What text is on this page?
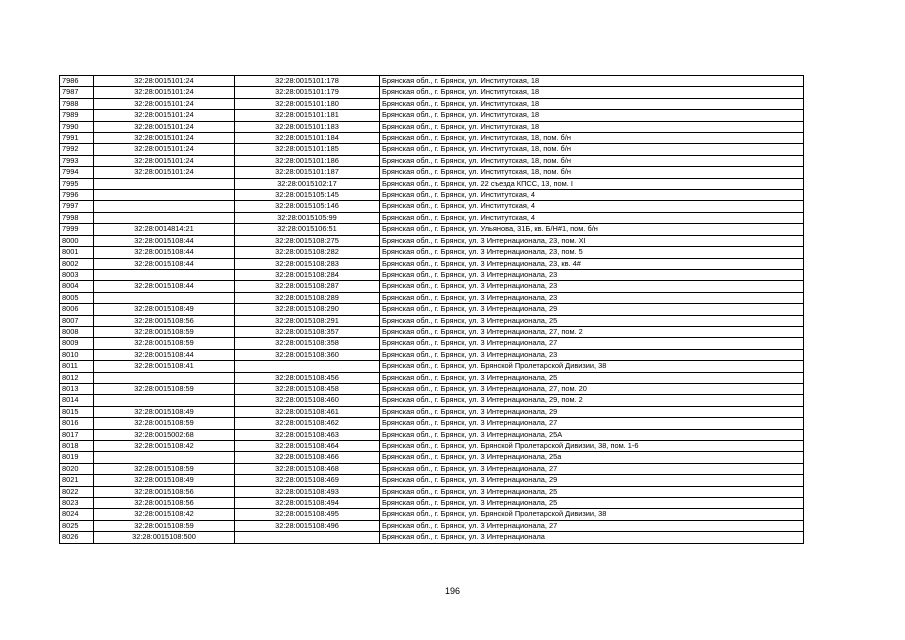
7986	32:28:0015101:24	32:28:0015101:178	Брянская обл., г. Брянск, ул. Институтская, 18
7987	32:28:0015101:24	32:28:0015101:179	Брянская обл., г. Брянск, ул. Институтская, 18
7988	32:28:0015101:24	32:28:0015101:180	Брянская обл., г. Брянск, ул. Институтская, 18
7989	32:28:0015101:24	32:28:0015101:181	Брянская обл., г. Брянск, ул. Институтская, 18
7990	32:28:0015101:24	32:28:0015101:183	Брянская обл., г. Брянск, ул. Институтская, 18
7991	32:28:0015101:24	32:28:0015101:184	Брянская обл., г. Брянск, ул. Институтская, 18, пом. б/н
7992	32:28:0015101:24	32:28:0015101:185	Брянская обл., г. Брянск, ул. Институтская, 18, пом. б/н
7993	32:28:0015101:24	32:28:0015101:186	Брянская обл., г. Брянск, ул. Институтская, 18, пом. б/н
7994	32:28:0015101:24	32:28:0015101:187	Брянская обл., г. Брянск, ул. Институтская, 18, пом. б/н
7995		32:28:0015102:17	Брянская обл., г. Брянск, ул. 22 съезда КПСС, 13, пом. I
7996		32:28:0015105:145	Брянская обл., г. Брянск, ул. Институтская, 4
7997		32:28:0015105:146	Брянская обл., г. Брянск, ул. Институтская, 4
7998		32:28:0015105:99	Брянская обл., г. Брянск, ул. Институтская, 4
7999	32:28:0014814:21	32:28:0015106:51	Брянская обл., г. Брянск, ул. Ульянова, 31Б, кв. Б/Н#1, пом. б/н
8000	32:28:0015108:44	32:28:0015108:275	Брянская обл., г. Брянск, ул. 3 Интернационала, 23, пом. XI
8001	32:28:0015108:44	32:28:0015108:282	Брянская обл., г. Брянск, ул. 3 Интернационала, 23, пом. 5
8002	32:28:0015108:44	32:28:0015108:283	Брянская обл., г. Брянск, ул. 3 Интернационала, 23, кв. 4#
8003		32:28:0015108:284	Брянская обл., г. Брянск, ул. 3 Интернационала, 23
8004	32:28:0015108:44	32:28:0015108:287	Брянская обл., г. Брянск, ул. 3 Интернационала, 23
8005		32:28:0015108:289	Брянская обл., г. Брянск, ул. 3 Интернационала, 23
8006	32:28:0015108:49	32:28:0015108:290	Брянская обл., г. Брянск, ул. 3 Интернационала, 29
8007	32:28:0015108:56	32:28:0015108:291	Брянская обл., г. Брянск, ул. 3 Интернационала, 25
8008	32:28:0015108:59	32:28:0015108:357	Брянская обл., г. Брянск, ул. 3 Интернационала, 27, пом. 2
8009	32:28:0015108:59	32:28:0015108:358	Брянская обл., г. Брянск, ул. 3 Интернационала, 27
8010	32:28:0015108:44	32:28:0015108:360	Брянская обл., г. Брянск, ул. 3 Интернационала, 23
8011	32:28:0015108:41		Брянская обл., г. Брянск, ул. Брянской Пролетарской Дивизии, 38
8012		32:28:0015108:456	Брянская обл., г. Брянск, ул. 3 Интернационала, 25
8013	32:28:0015108:59	32:28:0015108:458	Брянская обл., г. Брянск, ул. 3 Интернационала, 27, пом. 20
8014		32:28:0015108:460	Брянская обл., г. Брянск, ул. 3 Интернационала, 29, пом. 2
8015	32:28:0015108:49	32:28:0015108:461	Брянская обл., г. Брянск, ул. 3 Интернационала, 29
8016	32:28:0015108:59	32:28:0015108:462	Брянская обл., г. Брянск, ул. 3 Интернационала, 27
8017	32:28:0015002:68	32:28:0015108:463	Брянская обл., г. Брянск, ул. 3 Интернационала, 25А
8018	32:28:0015108:42	32:28:0015108:464	Брянская обл., г. Брянск, ул. Брянской Пролетарской Дивизии, 38, пом. 1-6
8019		32:28:0015108:466	Брянская обл., г. Брянск, ул. 3 Интернационала, 25а
8020	32:28:0015108:59	32:28:0015108:468	Брянская обл., г. Брянск, ул. 3 Интернационала, 27
8021	32:28:0015108:49	32:28:0015108:469	Брянская обл., г. Брянск, ул. 3 Интернационала, 29
8022	32:28:0015108:56	32:28:0015108:493	Брянская обл., г. Брянск, ул. 3 Интернационала, 25
8023	32:28:0015108:56	32:28:0015108:494	Брянская обл., г. Брянск, ул. 3 Интернационала, 25
8024	32:28:0015108:42	32:28:0015108:495	Брянская обл., г. Брянск, ул. Брянской Пролетарской Дивизии, 38
8025	32:28:0015108:59	32:28:0015108:496	Брянская обл., г. Брянск, ул. 3 Интернационала, 27
8026	32:28:0015108:500		Брянская обл., г. Брянск, ул. 3 Интернационала
196
